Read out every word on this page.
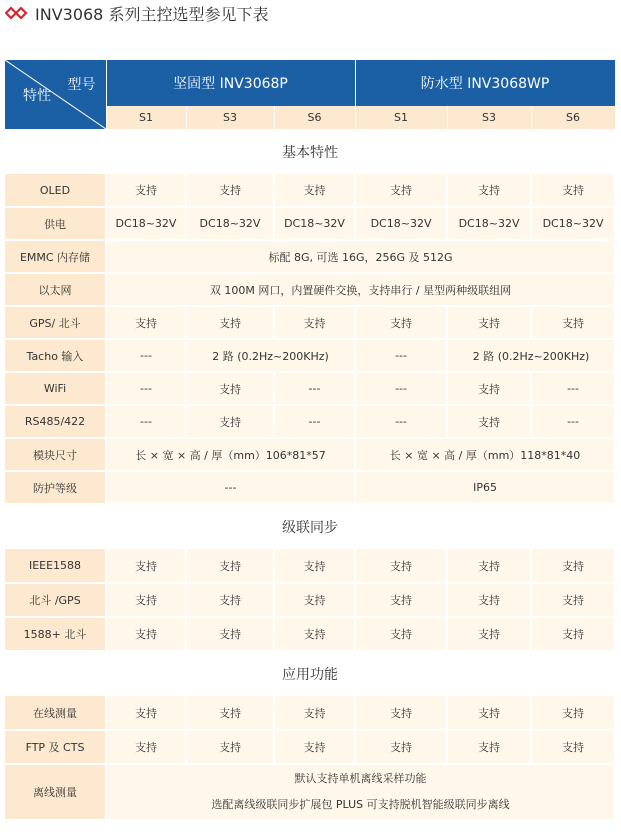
INV3068 系列主控选型参见下表
型号
特性	坚固型 INV3068P			防水型 INV3068WP		
	S1	S3	S6	S1	S3	S6
基本特性						
OLED	支持	支持	支持	支持	支持	支持
供电	DC18~32V	DC18~32V	DC18~32V	DC18~32V	DC18~32V	DC18~32V
EMMC 内存储	标配 8G, 可选 16G，256G 及 512G					
以太网	双 100M 网口，内置硬件交换，支持串行 / 星型两种级联组网					
GPS/ 北斗	支持	支持	支持	支持	支持	支持
Tacho 输入	---	2 路 (0.2Hz~200KHz)		---	2 路 (0.2Hz~200KHz)	
WiFi	---	支持	---	---	支持	---
RS485/422	---	支持	---	---	支持	---
模块尺寸	长 × 宽 × 高 / 厚（mm）106*81*57			长 × 宽 × 高 / 厚（mm）118*81*40		
防护等级	---			IP65		
级联同步						
IEEE1588	支持	支持	支持	支持	支持	支持
北斗 /GPS	支持	支持	支持	支持	支持	支持
1588+ 北斗	支持	支持	支持	支持	支持	支持
应用功能						
在线测量	支持	支持	支持	支持	支持	支持
FTP 及 CTS	支持	支持	支持	支持	支持	支持
离线测量	默认支持单机离线采样功能
选配离线级联同步扩展包 PLUS 可支持脱机智能级联同步离线					
